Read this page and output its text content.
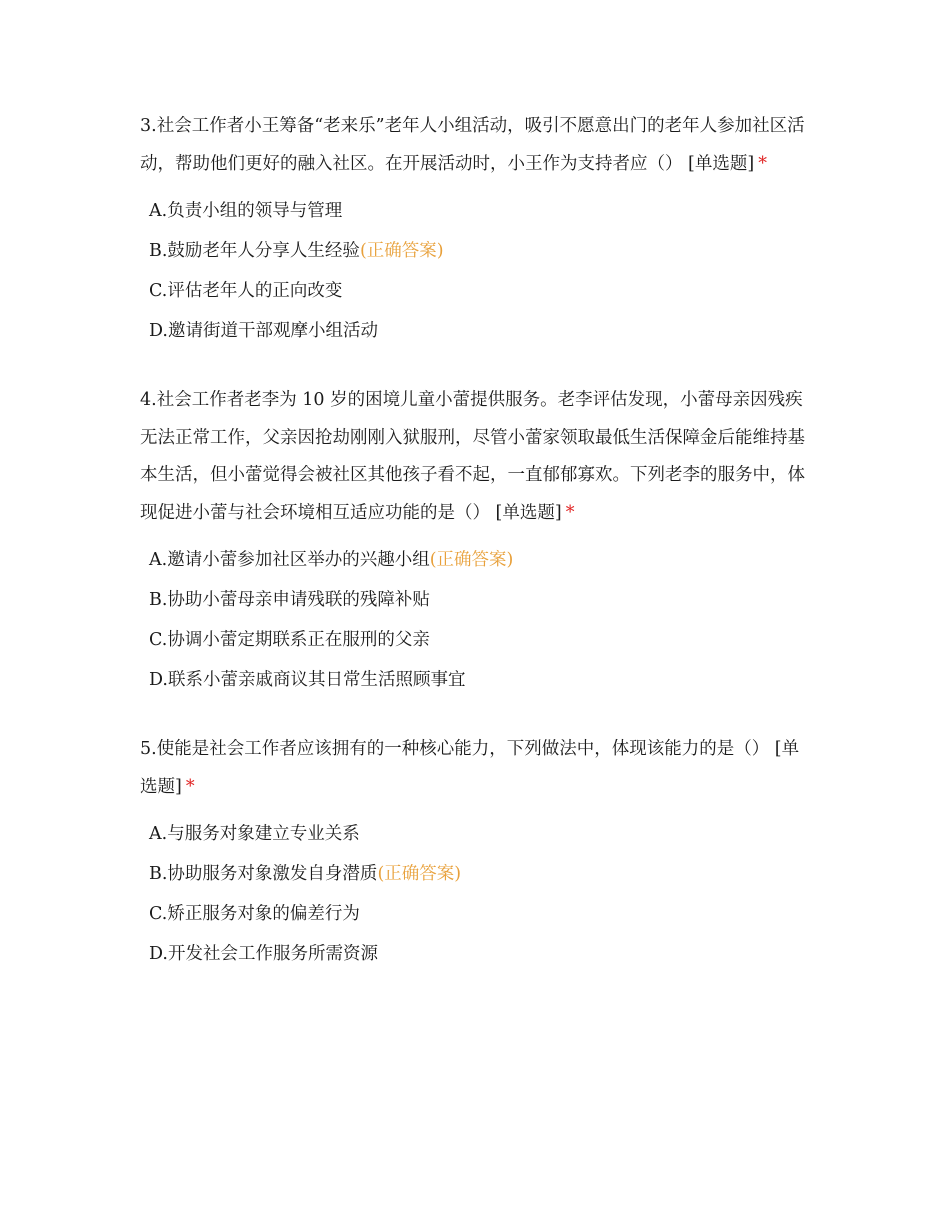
3.社会工作者小王筹备“老来乐”老年人小组活动，吸引不愿意出门的老年人参加社区活动，帮助他们更好的融入社区。在开展活动时，小王作为支持者应（） [单选题] *

A.负责小组的领导与管理

B.鼓励老年人分享人生经验(正确答案)

C.评估老年人的正向改变

D.邀请街道干部观摩小组活动

4.社会工作者老李为 10 岁的困境儿童小蕾提供服务。老李评估发现，小蕾母亲因残疾无法正常工作，父亲因抢劫刚刚入狱服刑，尽管小蕾家领取最低生活保障金后能维持基本生活，但小蕾觉得会被社区其他孩子看不起，一直郁郁寡欢。下列老李的服务中，体现促进小蕾与社会环境相互适应功能的是（） [单选题] *

A.邀请小蕾参加社区举办的兴趣小组(正确答案)

B.协助小蕾母亲申请残联的残障补贴

C.协调小蕾定期联系正在服刑的父亲

D.联系小蕾亲戚商议其日常生活照顾事宜

5.使能是社会工作者应该拥有的一种核心能力，下列做法中，体现该能力的是（） [单选题] *

A.与服务对象建立专业关系

B.协助服务对象激发自身潜质(正确答案)

C.矫正服务对象的偏差行为

D.开发社会工作服务所需资源
